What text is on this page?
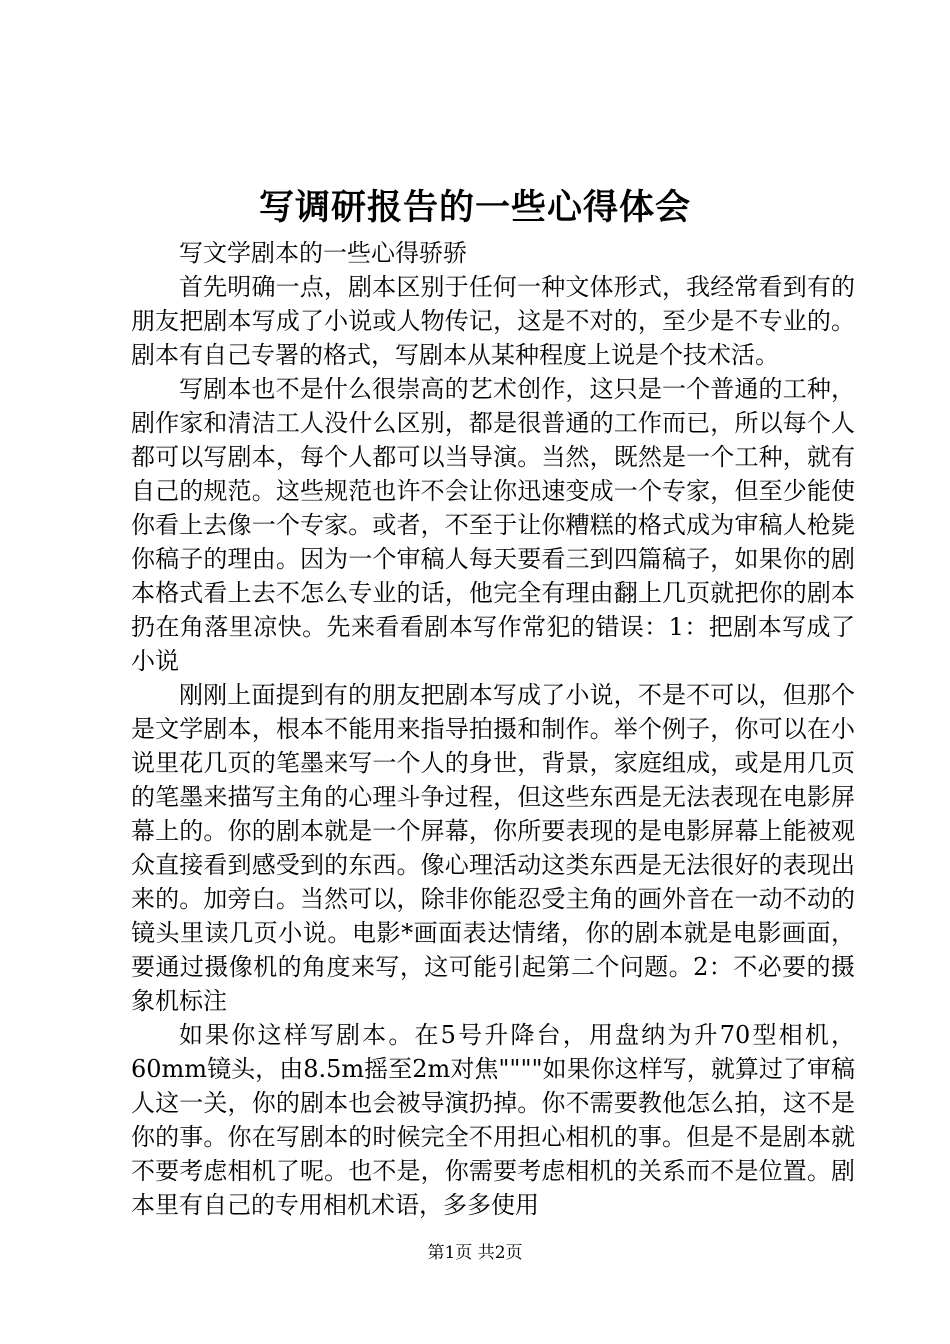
写调研报告的一些心得体会

写文学剧本的一些心得骄骄

首先明确一点，剧本区别于任何一种文体形式，我经常看到有的朋友把剧本写成了小说或人物传记，这是不对的，至少是不专业的。剧本有自己专署的格式，写剧本从某种程度上说是个技术活。

写剧本也不是什么很崇高的艺术创作，这只是一个普通的工种，剧作家和清洁工人没什么区别，都是很普通的工作而已，所以每个人都可以写剧本，每个人都可以当导演。当然，既然是一个工种，就有自己的规范。这些规范也许不会让你迅速变成一个专家，但至少能使你看上去像一个专家。或者，不至于让你糟糕的格式成为审稿人枪毙你稿子的理由。因为一个审稿人每天要看三到四篇稿子，如果你的剧本格式看上去不怎么专业的话，他完全有理由翻上几页就把你的剧本扔在角落里凉快。先来看看剧本写作常犯的错误：1：把剧本写成了小说

刚刚上面提到有的朋友把剧本写成了小说，不是不可以，但那个是文学剧本，根本不能用来指导拍摄和制作。举个例子，你可以在小说里花几页的笔墨来写一个人的身世，背景，家庭组成，或是用几页的笔墨来描写主角的心理斗争过程，但这些东西是无法表现在电影屏幕上的。你的剧本就是一个屏幕，你所要表现的是电影屏幕上能被观众直接看到感受到的东西。像心理活动这类东西是无法很好的表现出来的。加旁白。当然可以，除非你能忍受主角的画外音在一动不动的镜头里读几页小说。电影*画面表达情绪，你的剧本就是电影画面，要通过摄像机的角度来写，这可能引起第二个问题。2：不必要的摄象机标注

如果你这样写剧本。在5号升降台，用盘纳为升70型相机，60mm镜头，由8.5m摇至2m对焦""""如果你这样写，就算过了审稿人这一关，你的剧本也会被导演扔掉。你不需要教他怎么拍，这不是你的事。你在写剧本的时候完全不用担心相机的事。但是不是剧本就不要考虑相机了呢。也不是，你需要考虑相机的关系而不是位置。剧本里有自己的专用相机术语，多多使用

第1页 共2页
